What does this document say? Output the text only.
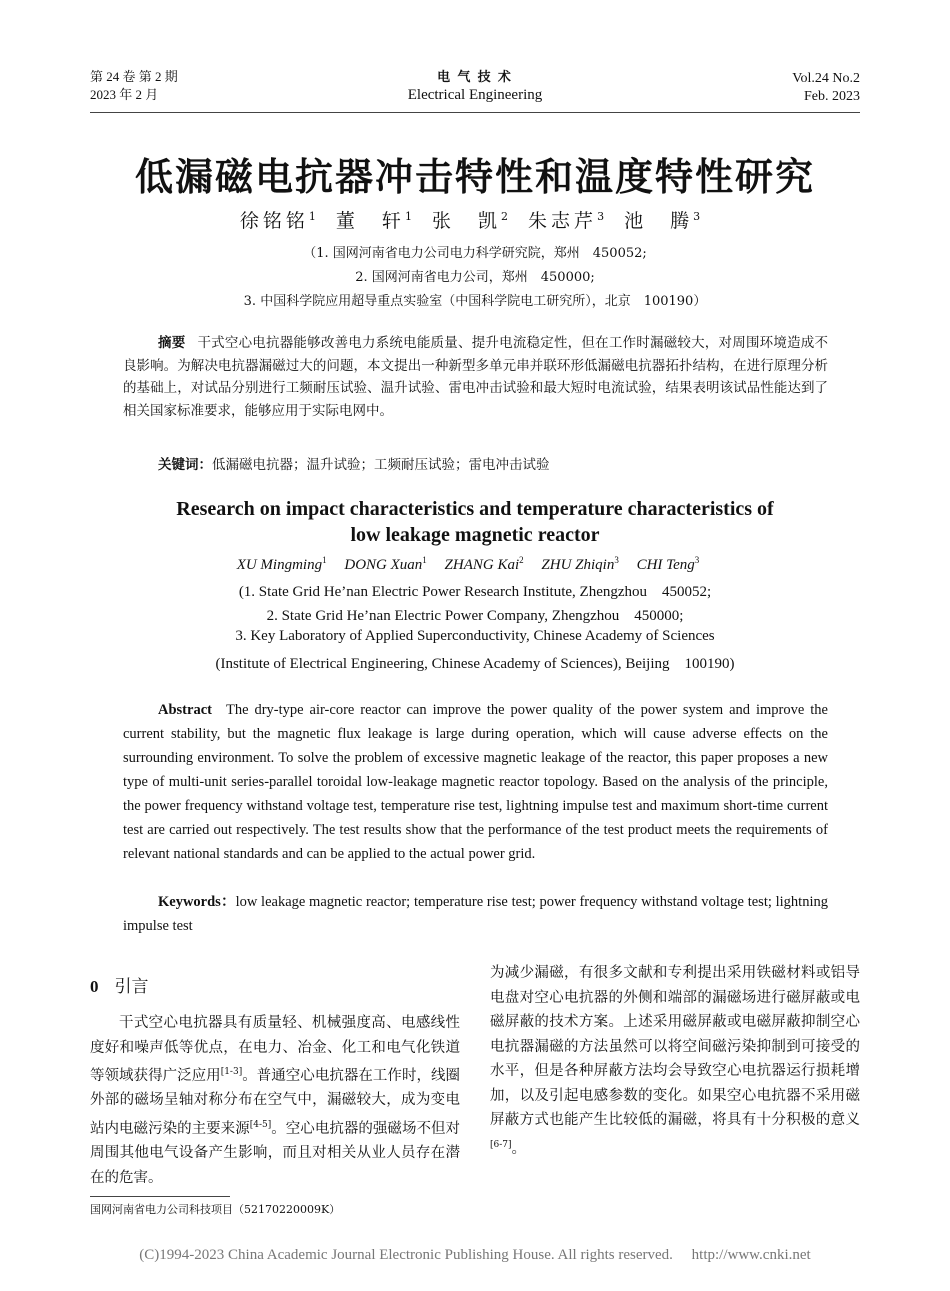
第 24 卷 第 2 期
2023 年 2 月
电 气 技 术
Electrical Engineering
Vol.24 No.2
Feb. 2023
低漏磁电抗器冲击特性和温度特性研究
徐铭铭$^1$ 董　轩$^1$ 张　凯$^2$ 朱志芹$^3$ 池　腾$^3$
（1. 国网河南省电力公司电力科学研究院，郑州　450052;
2. 国网河南省电力公司，郑州　450000;
3. 中国科学院应用超导重点实验室（中国科学院电工研究所），北京　100190）
摘要 干式空心电抗器能够改善电力系统电能质量、提升电流稳定性，但在工作时漏磁较大，对周围环境造成不良影响。为解决电抗器漏磁过大的问题，本文提出一种新型多单元串并联环形低漏磁电抗器拓扑结构，在进行原理分析的基础上，对试品分别进行工频耐压试验、温升试验、雷电冲击试验和最大短时电流试验，结果表明该试品性能达到了相关国家标准要求，能够应用于实际电网中。
关键词：低漏磁电抗器；温升试验；工频耐压试验；雷电冲击试验
Research on impact characteristics and temperature characteristics of
low leakage magnetic reactor
XU Mingming$^1$ DONG Xuan$^1$ ZHANG Kai$^2$ ZHU Zhiqin$^3$ CHI Teng$^3$
(1. State Grid He’nan Electric Power Research Institute, Zhengzhou　450052;
2. State Grid He’nan Electric Power Company, Zhengzhou　450000;
3. Key Laboratory of Applied Superconductivity, Chinese Academy of Sciences
(Institute of Electrical Engineering, Chinese Academy of Sciences), Beijing　100190)
Abstract The dry-type air-core reactor can improve the power quality of the power system and improve the current stability, but the magnetic flux leakage is large during operation, which will cause adverse effects on the surrounding environment. To solve the problem of excessive magnetic leakage of the reactor, this paper proposes a new type of multi-unit series-parallel toroidal low-leakage magnetic reactor topology. Based on the analysis of the principle, the power frequency withstand voltage test, temperature rise test, lightning impulse test and maximum short-time current test are carried out respectively. The test results show that the performance of the test product meets the requirements of relevant national standards and can be applied to the actual power grid.
Keywords：low leakage magnetic reactor; temperature rise test; power frequency withstand voltage test; lightning impulse test
0 引言
干式空心电抗器具有质量轻、机械强度高、电感线性度好和噪声低等优点，在电力、冶金、化工和电气化铁道等领域获得广泛应用[1-3]。普通空心电抗器在工作时，线圈外部的磁场呈轴对称分布在空气中，漏磁较大，成为变电站内电磁污染的主要来源[4-5]。空心电抗器的强磁场不但对周围其他电气设备产生影响，而且对相关从业人员存在潜在的危害。
为减少漏磁，有很多文献和专利提出采用铁磁材料或铝导电盘对空心电抗器的外侧和端部的漏磁场进行磁屏蔽或电磁屏蔽的技术方案。上述采用磁屏蔽或电磁屏蔽抑制空心电抗器漏磁的方法虽然可以将空间磁污染抑制到可接受的水平，但是各种屏蔽方法均会导致空心电抗器运行损耗增加，以及引起电感参数的变化。如果空心电抗器不采用磁屏蔽方式也能产生比较低的漏磁，将具有十分积极的意义[6-7]。
国网河南省电力公司科技项目（52170220009K）
(C)1994-2023 China Academic Journal Electronic Publishing House. All rights reserved.　 http://www.cnki.net
